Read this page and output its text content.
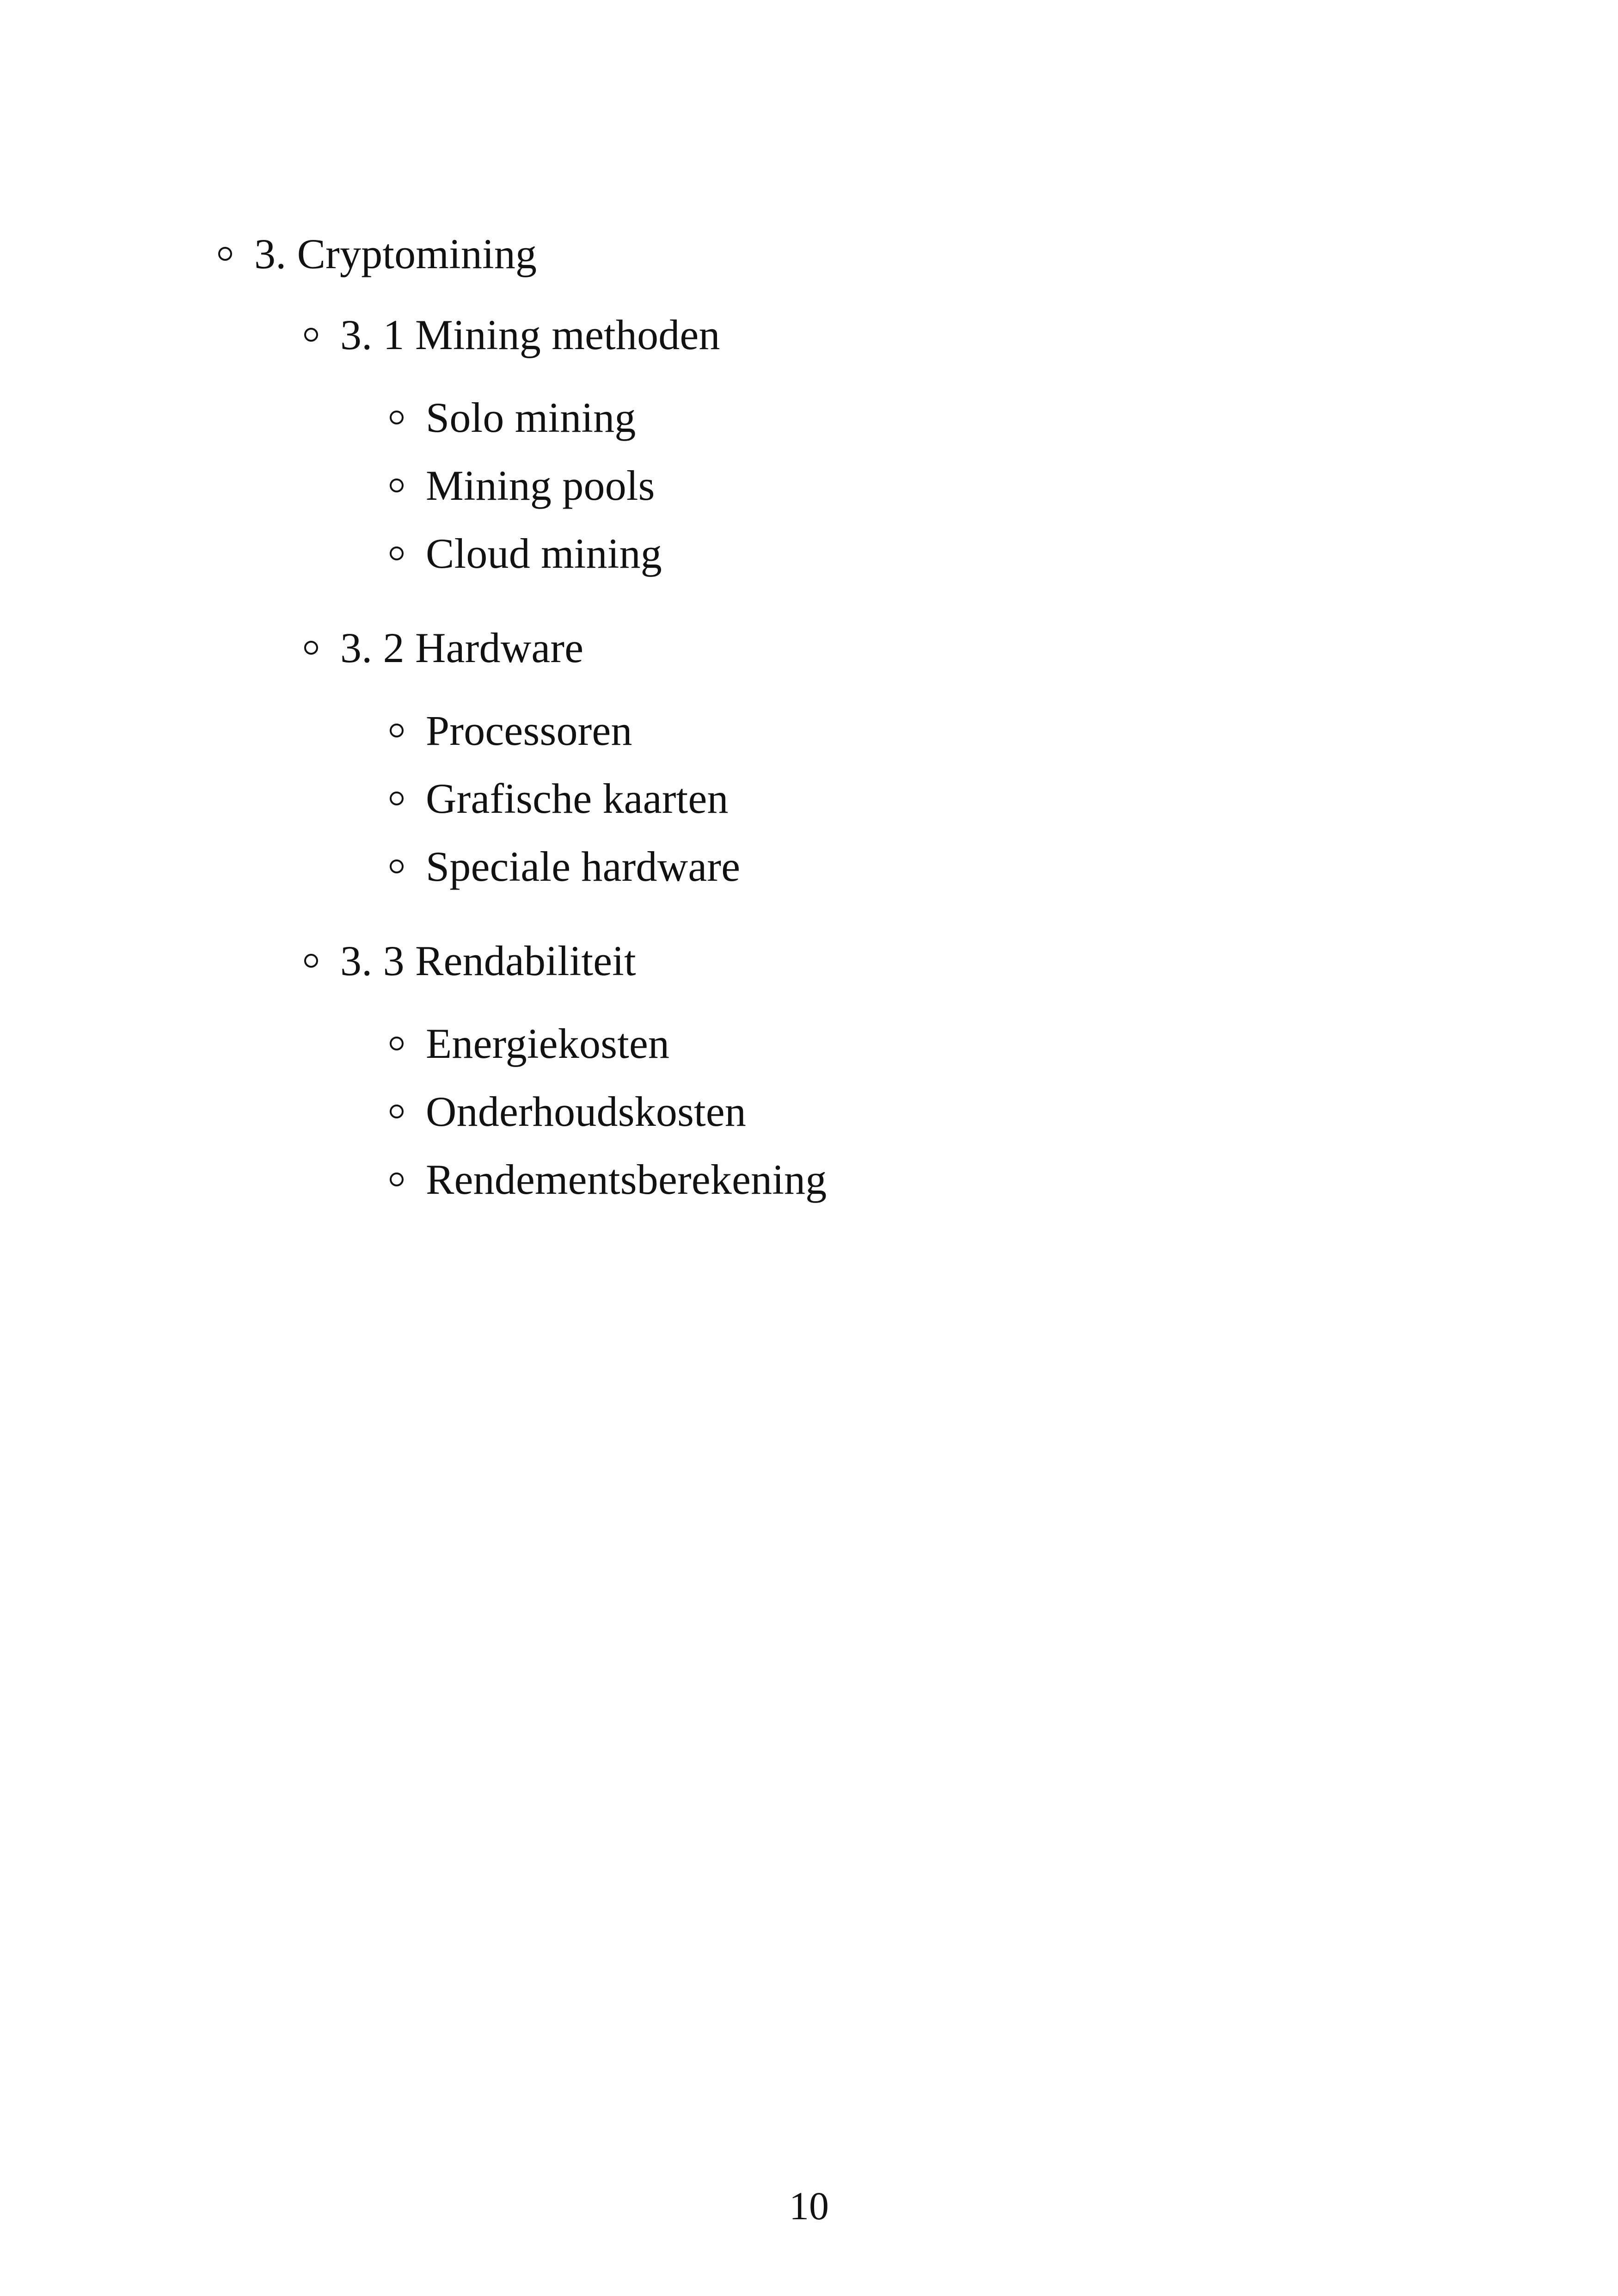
3. Cryptomining
3. 1 Mining methoden
Solo mining
Mining pools
Cloud mining
3. 2 Hardware
Processoren
Grafische kaarten
Speciale hardware
3. 3 Rendabiliteit
Energiekosten
Onderhoudskosten
Rendementsberekening
10
